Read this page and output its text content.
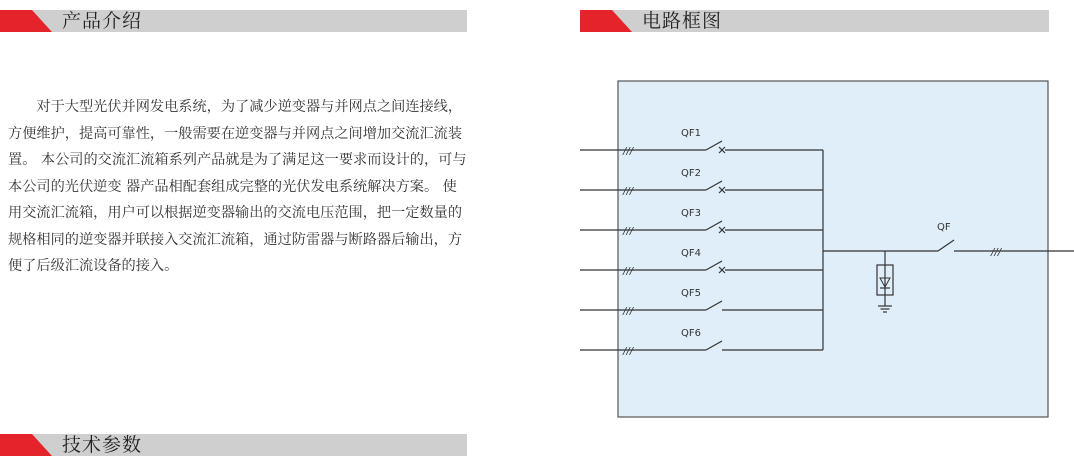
产品介绍	电路框图

对于大型光伏并网发电系统，为了减少逆变器与并网点之间连接线，方便维护，提高可靠性，一般需要在逆变器与并网点之间增加交流汇流装置。 本公司的交流汇流箱系列产品就是为了满足这一要求而设计的，可与本公司的光伏逆变 器产品相配套组成完整的光伏发电系统解决方案。 使用交流汇流箱，用户可以根据逆变器输出的交流电压范围，把一定数量的规格相同的逆变器并联接入交流汇流箱，通过防雷器与断路器后输出，方 便了后级汇流设备的接入。

///
QF1
///
QF2
///
QF3
///
QF4
///
QF5
///
QF6
QF
///
技术参数
